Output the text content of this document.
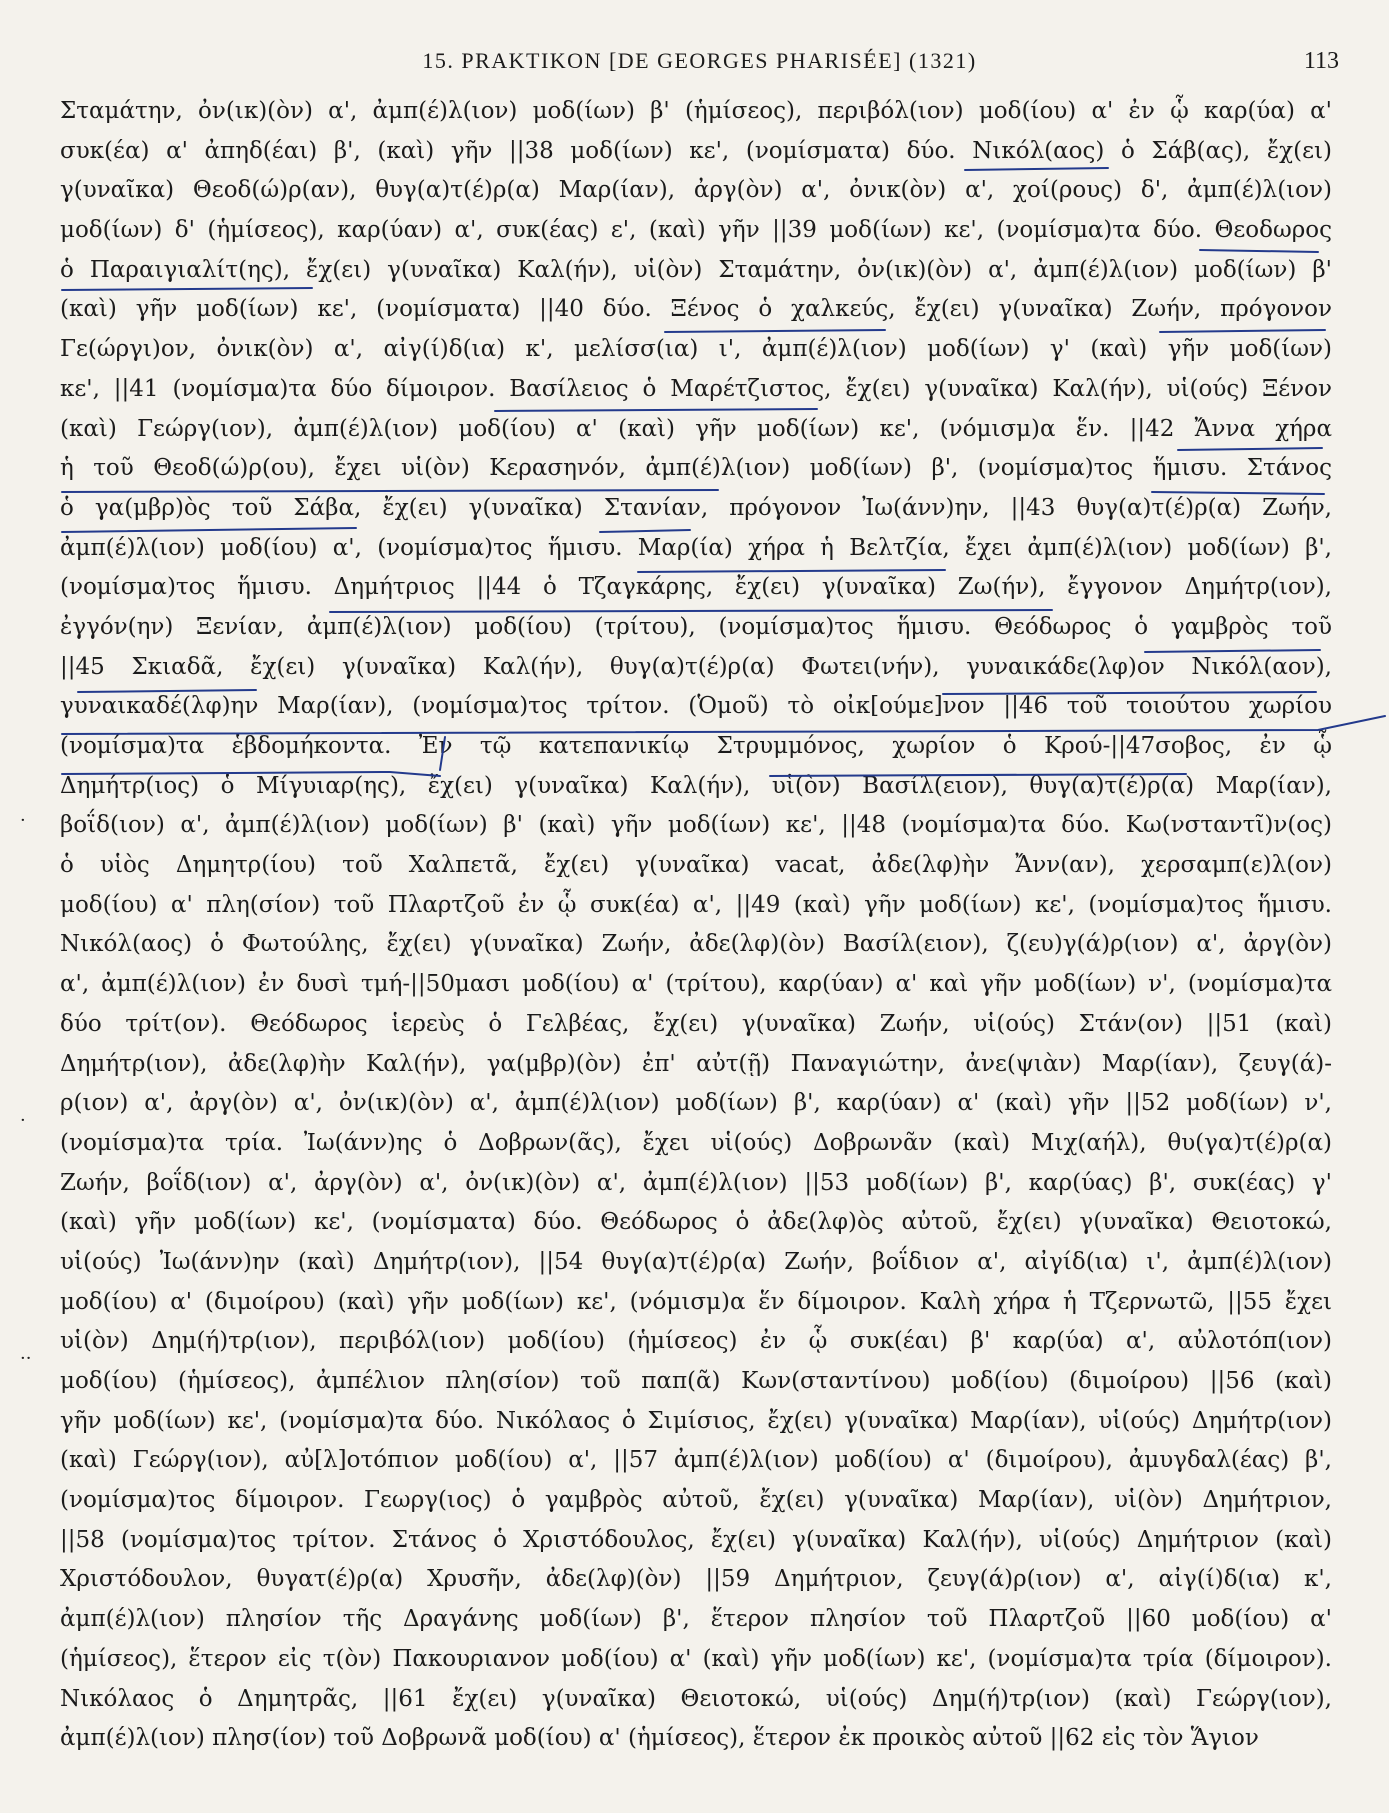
15. PRAKTIKON [DE GEORGES PHARISÉE] (1321)	113
Σταμάτην, ὀν(ικ)(ὸν) α', ἀμπ(έ)λ(ιον) μοδ(ίων) β' (ἡμίσεος), περιβόλ(ιον) μοδ(ίου) α' ἐν ᾧ καρ(ύα) α'
συκ(έα) α' ἀπηδ(έαι) β', (καὶ) γῆν ||38 μοδ(ίων) κε', (νομίσματα) δύο. Νικόλ(αος) ὁ Σάβ(ας), ἔχ(ει)
γ(υναῖκα) Θεοδ(ώ)ρ(αν), θυγ(α)τ(έ)ρ(α) Μαρ(ίαν), ἀργ(ὸν) α', ὀνικ(ὸν) α', χοί(ρους) δ', ἀμπ(έ)λ(ιον)
μοδ(ίων) δ' (ἡμίσεος), καρ(ύαν) α', συκ(έας) ε', (καὶ) γῆν ||39 μοδ(ίων) κε', (νομίσμα)τα δύο. Θεοδωρος
ὁ Παραιγιαλίτ(ης), ἔχ(ει) γ(υναῖκα) Καλ(ήν), υἱ(ὸν) Σταμάτην, ὀν(ικ)(ὸν) α', ἀμπ(έ)λ(ιον) μοδ(ίων) β'
(καὶ) γῆν μοδ(ίων) κε', (νομίσματα) ||40 δύο. Ξένος ὁ χαλκεύς, ἔχ(ει) γ(υναῖκα) Ζωήν, πρόγονον
Γε(ώργι)ον, ὀνικ(ὸν) α', αἰγ(ί)δ(ια) κ', μελίσσ(ια) ι', ἀμπ(έ)λ(ιον) μοδ(ίων) γ' (καὶ) γῆν μοδ(ίων)
κε', ||41 (νομίσμα)τα δύο δίμοιρον. Βασίλειος ὁ Μαρέτζιστος, ἔχ(ει) γ(υναῖκα) Καλ(ήν), υἱ(ούς) Ξένον
(καὶ) Γεώργ(ιον), ἀμπ(έ)λ(ιον) μοδ(ίου) α' (καὶ) γῆν μοδ(ίων) κε', (νόμισμ)α ἕν. ||42 Ἄννα χήρα
ἡ τοῦ Θεοδ(ώ)ρ(ου), ἔχει υἱ(ὸν) Κερασηνόν, ἀμπ(έ)λ(ιον) μοδ(ίων) β', (νομίσμα)τος ἥμισυ. Στάνος
ὁ γα(μβρ)ὸς τοῦ Σάβα, ἔχ(ει) γ(υναῖκα) Στανίαν, πρόγονον Ἰω(άνν)ην, ||43 θυγ(α)τ(έ)ρ(α) Ζωήν,
ἀμπ(έ)λ(ιον) μοδ(ίου) α', (νομίσμα)τος ἥμισυ. Μαρ(ία) χήρα ἡ Βελτζία, ἔχει ἀμπ(έ)λ(ιον) μοδ(ίων) β',
(νομίσμα)τος ἥμισυ. Δημήτριος ||44 ὁ Τζαγκάρης, ἔχ(ει) γ(υναῖκα) Ζω(ήν), ἔγγονον Δημήτρ(ιον),
ἐγγόν(ην) Ξενίαν, ἀμπ(έ)λ(ιον) μοδ(ίου) (τρίτου), (νομίσμα)τος ἥμισυ. Θεόδωρος ὁ γαμβρὸς τοῦ
||45 Σκιαδᾶ, ἔχ(ει) γ(υναῖκα) Καλ(ήν), θυγ(α)τ(έ)ρ(α) Φωτει(νήν), γυναικάδε(λφ)ον Νικόλ(αον),
γυναικαδέ(λφ)ην Μαρ(ίαν), (νομίσμα)τος τρίτον. (Ὁμοῦ) τὸ οἰκ[ούμε]νον ||46 τοῦ τοιούτου χωρίου
(νομίσμα)τα ἑβδομήκοντα. Ἐν τῷ κατεπανικίῳ Στρυμμόνος, χωρίον ὁ Κρού-||47σοβος, ἐν ᾧ
Δημήτρ(ιος) ὁ Μίγυιαρ(ης), ἔχ(ει) γ(υναῖκα) Καλ(ήν), υἱ(ὸν) Βασίλ(ειον), θυγ(α)τ(έ)ρ(α) Μαρ(ίαν),
βοΐδ(ιον) α', ἀμπ(έ)λ(ιον) μοδ(ίων) β' (καὶ) γῆν μοδ(ίων) κε', ||48 (νομίσμα)τα δύο. Κω(νσταντῖ)ν(ος)
ὁ υἱὸς Δημητρ(ίου) τοῦ Χαλπετᾶ, ἔχ(ει) γ(υναῖκα) vacat, ἀδε(λφ)ὴν Ἄνν(αν), χερσαμπ(ε)λ(ον)
μοδ(ίου) α' πλη(σίον) τοῦ Πλαρτζοῦ ἐν ᾧ συκ(έα) α', ||49 (καὶ) γῆν μοδ(ίων) κε', (νομίσμα)τος ἥμισυ.
Νικόλ(αος) ὁ Φωτούλης, ἔχ(ει) γ(υναῖκα) Ζωήν, ἀδε(λφ)(ὸν) Βασίλ(ειον), ζ(ευ)γ(ά)ρ(ιον) α', ἀργ(ὸν)
α', ἀμπ(έ)λ(ιον) ἐν δυσὶ τμή-||50μασι μοδ(ίου) α' (τρίτου), καρ(ύαν) α' καὶ γῆν μοδ(ίων) ν', (νομίσμα)τα
δύο τρίτ(ον). Θεόδωρος ἱερεὺς ὁ Γελβέας, ἔχ(ει) γ(υναῖκα) Ζωήν, υἱ(ούς) Στάν(ον) ||51 (καὶ)
Δημήτρ(ιον), ἀδε(λφ)ὴν Καλ(ήν), γα(μβρ)(ὸν) ἐπ' αὐτ(ῇ) Παναγιώτην, ἀνε(ψιὰν) Μαρ(ίαν), ζευγ(ά)-
ρ(ιον) α', ἀργ(ὸν) α', ὀν(ικ)(ὸν) α', ἀμπ(έ)λ(ιον) μοδ(ίων) β', καρ(ύαν) α' (καὶ) γῆν ||52 μοδ(ίων) ν',
(νομίσμα)τα τρία. Ἰω(άνν)ης ὁ Δοβρων(ᾶς), ἔχει υἱ(ούς) Δοβρωνᾶν (καὶ) Μιχ(αήλ), θυ(γα)τ(έ)ρ(α)
Ζωήν, βοΐδ(ιον) α', ἀργ(ὸν) α', ὀν(ικ)(ὸν) α', ἀμπ(έ)λ(ιον) ||53 μοδ(ίων) β', καρ(ύας) β', συκ(έας) γ'
(καὶ) γῆν μοδ(ίων) κε', (νομίσματα) δύο. Θεόδωρος ὁ ἀδε(λφ)ὸς αὐτοῦ, ἔχ(ει) γ(υναῖκα) Θειοτοκώ,
υἱ(ούς) Ἰω(άνν)ην (καὶ) Δημήτρ(ιον), ||54 θυγ(α)τ(έ)ρ(α) Ζωήν, βοΐδιον α', αἰγίδ(ια) ι', ἀμπ(έ)λ(ιον)
μοδ(ίου) α' (διμοίρου) (καὶ) γῆν μοδ(ίων) κε', (νόμισμ)α ἕν δίμοιρον. Καλὴ χήρα ἡ Τζερνωτῶ, ||55 ἔχει
υἱ(ὸν) Δημ(ή)τρ(ιον), περιβόλ(ιον) μοδ(ίου) (ἡμίσεος) ἐν ᾧ συκ(έαι) β' καρ(ύα) α', αὐλοτόπ(ιον)
μοδ(ίου) (ἡμίσεος), ἀμπέλιον πλη(σίον) τοῦ παπ(ᾶ) Κων(σταντίνου) μοδ(ίου) (διμοίρου) ||56 (καὶ)
γῆν μοδ(ίων) κε', (νομίσμα)τα δύο. Νικόλαος ὁ Σιμίσιος, ἔχ(ει) γ(υναῖκα) Μαρ(ίαν), υἱ(ούς) Δημήτρ(ιον)
(καὶ) Γεώργ(ιον), αὐ[λ]οτόπιον μοδ(ίου) α', ||57 ἀμπ(έ)λ(ιον) μοδ(ίου) α' (διμοίρου), ἀμυγδαλ(έας) β',
(νομίσμα)τος δίμοιρον. Γεωργ(ιος) ὁ γαμβρὸς αὐτοῦ, ἔχ(ει) γ(υναῖκα) Μαρ(ίαν), υἱ(ὸν) Δημήτριον,
||58 (νομίσμα)τος τρίτον. Στάνος ὁ Χριστόδουλος, ἔχ(ει) γ(υναῖκα) Καλ(ήν), υἱ(ούς) Δημήτριον (καὶ)
Χριστόδουλον, θυγατ(έ)ρ(α) Χρυσῆν, ἀδε(λφ)(ὸν) ||59 Δημήτριον, ζευγ(ά)ρ(ιον) α', αἰγ(ί)δ(ια) κ',
ἀμπ(έ)λ(ιον) πλησίον τῆς Δραγάνης μοδ(ίων) β', ἕτερον πλησίον τοῦ Πλαρτζοῦ ||60 μοδ(ίου) α'
(ἡμίσεος), ἕτερον εἰς τ(ὸν) Πακουριανον μοδ(ίου) α' (καὶ) γῆν μοδ(ίων) κε', (νομίσμα)τα τρία (δίμοιρον).
Νικόλαος ὁ Δημητρᾶς, ||61 ἔχ(ει) γ(υναῖκα) Θειοτοκώ, υἱ(ούς) Δημ(ή)τρ(ιον) (καὶ) Γεώργ(ιον),
ἀμπ(έ)λ(ιον) πλησ(ίον) τοῦ Δοβρωνᾶ μοδ(ίου) α' (ἡμίσεος), ἕτερον ἐκ προικὸς αὐτοῦ ||62 εἰς τὸν Ἅγιον
·
·
··
